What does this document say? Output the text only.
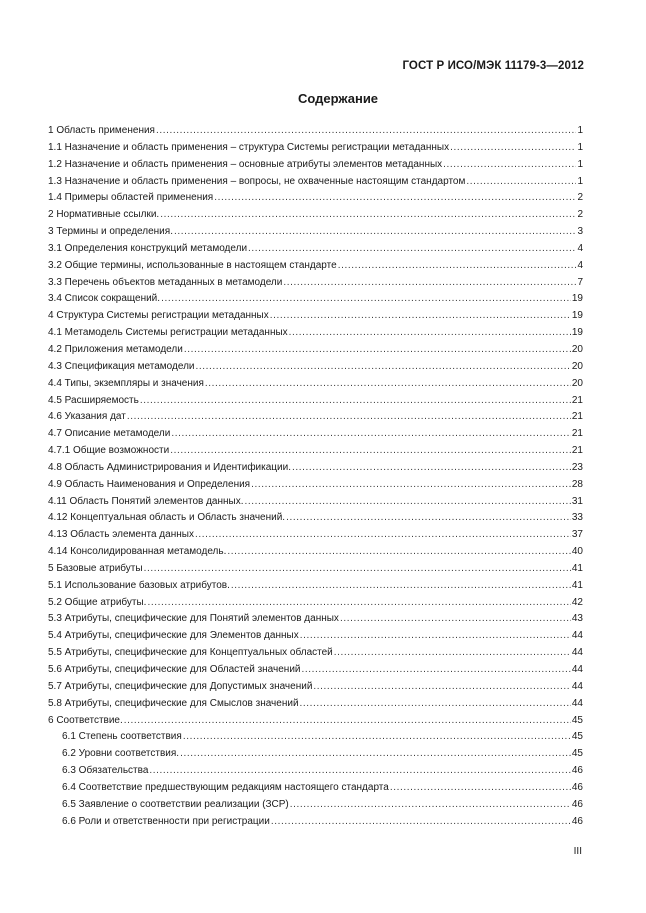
ГОСТ Р ИСО/МЭК 11179-3—2012
Содержание
1 Область применения .....	1
1.1 Назначение и область применения – структура Системы регистрации метаданных .....	1
1.2 Назначение и область применения – основные атрибуты элементов метаданных .....	1
1.3 Назначение и область применения – вопросы, не охваченные настоящим стандартом .....	1
1.4 Примеры областей применения .....	2
2 Нормативные ссылки. .....	2
3 Термины и определения. .....	3
3.1 Определения конструкций метамодели .....	4
3.2 Общие термины, использованные в настоящем стандарте .....	4
3.3 Перечень объектов метаданных в метамодели .....	7
3.4 Список сокращений. .....	19
4 Структура Системы регистрации метаданных .....	19
4.1 Метамодель Системы регистрации метаданных .....	19
4.2 Приложения метамодели .....	20
4.3 Спецификация метамодели .....	20
4.4 Типы, экземпляры и значения .....	20
4.5 Расширяемость .....	21
4.6 Указания дат .....	21
4.7 Описание метамодели .....	21
4.7.1 Общие возможности .....	21
4.8 Область Администрирования и Идентификации. .....	23
4.9 Область Наименования и Определения .....	28
4.11 Область Понятий элементов данных. .....	31
4.12 Концептуальная область и Область значений. .....	33
4.13 Область элемента данных .....	37
4.14 Консолидированная метамодель. .....	40
5 Базовые атрибуты .....	41
5.1 Использование базовых атрибутов. .....	41
5.2 Общие атрибуты. .....	42
5.3 Атрибуты, специфические для Понятий элементов данных .....	43
5.4 Атрибуты, специфические для Элементов данных .....	44
5.5 Атрибуты, специфические для Концептуальных областей .....	44
5.6 Атрибуты, специфические для Областей значений .....	44
5.7 Атрибуты, специфические для Допустимых значений .....	44
5.8 Атрибуты, специфические для Смыслов значений .....	44
6 Соответствие. .....	45
6.1 Степень соответствия .....	45
6.2 Уровни соответствия. .....	45
6.3 Обязательства .....	46
6.4 Соответствие предшествующим редакциям настоящего стандарта .....	46
6.5 Заявление о соответствии реализации (ЗСР) .....	46
6.6 Роли и ответственности при регистрации .....	46
III
